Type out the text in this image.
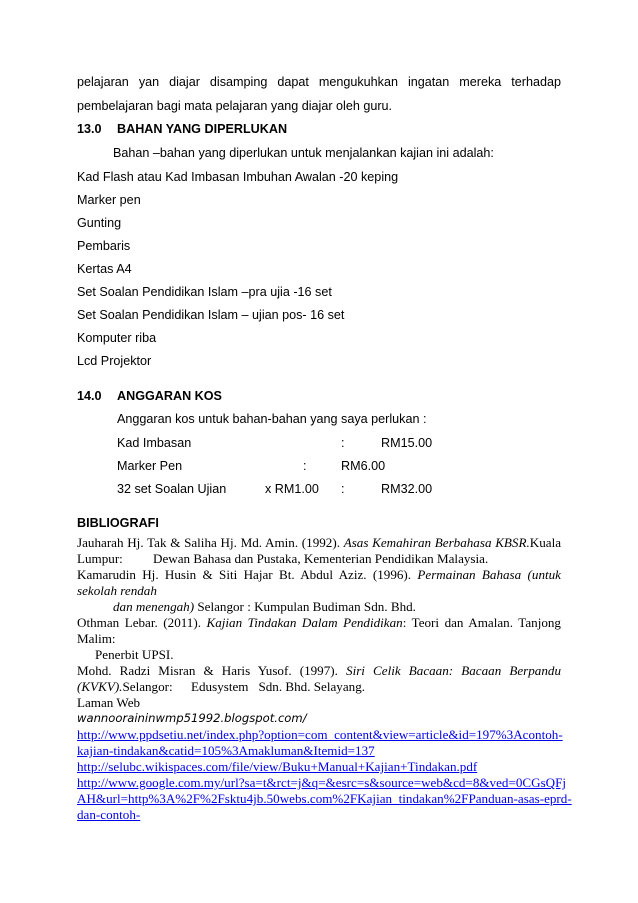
pelajaran yan diajar disamping dapat mengukuhkan ingatan mereka terhadap
pembelajaran bagi mata pelajaran yang diajar oleh guru.
13.0 BAHAN YANG DIPERLUKAN
Bahan –bahan yang diperlukan untuk menjalankan kajian ini adalah:
Kad Flash atau Kad Imbasan Imbuhan Awalan -20 keping
Marker pen
Gunting
Pembaris
Kertas A4
Set Soalan Pendidikan Islam –pra ujia -16 set
Set Soalan Pendidikan Islam – ujian pos- 16 set
Komputer riba
Lcd Projektor
14.0 ANGGARAN KOS
Anggaran kos untuk bahan-bahan yang saya perlukan :
Kad Imbasan	:	RM15.00
Marker Pen	:	RM6.00
32 set Soalan Ujian	x RM1.00 :	RM32.00
BIBLIOGRAFI
Jauharah Hj. Tak & Saliha Hj. Md. Amin. (1992). Asas Kemahiran Berbahasa KBSR.Kuala
Lumpur: Dewan Bahasa dan Pustaka, Kementerian Pendidikan Malaysia.
Kamarudin Hj. Husin & Siti Hajar Bt. Abdul Aziz. (1996). Permainan Bahasa (untuk
sekolah rendah
dan menengah) Selangor : Kumpulan Budiman Sdn. Bhd.
Othman Lebar. (2011). Kajian Tindakan Dalam Pendidikan: Teori dan Amalan. Tanjong
Malim:
Penerbit UPSI.
Mohd. Radzi Misran & Haris Yusof. (1997). Siri Celik Bacaan: Bacaan Berpandu
(KVKV).Selangor: Edusystem Sdn. Bhd. Selayang.
Laman Web
wannooraininwmp51992.blogspot.com/
http://www.ppdsetiu.net/index.php?option=com_content&view=article&id=197%3Acontoh-
kajian-tindakan&catid=105%3Amakluman&Itemid=137
http://selubc.wikispaces.com/file/view/Buku+Manual+Kajian+Tindakan.pdf
http://www.google.com.my/url?sa=t&rct=j&q=&esrc=s&source=web&cd=8&ved=0CGsQFj
AH&url=http%3A%2F%2Fsktu4jb.50webs.com%2FKajian_tindakan%2FPanduan-asas-eprd-
dan-contoh-
